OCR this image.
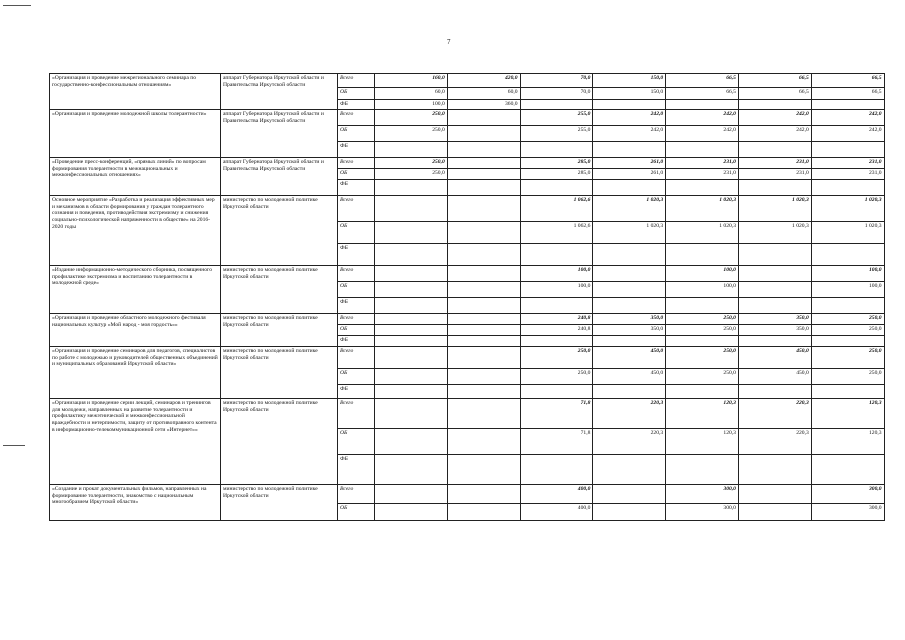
7
«Организация и проведение межрегионального семинара по государственно-конфессиональным отношениям»	аппарат Губернатора Иркутской области и Правительства Иркутской области	Всего	160,0	420,0	70,0	150,0	66,5	66,5	66,5
		ОБ	60,0	60,0	70,0	150,0	66,5	66,5	66,5
		ФБ	100,0	360,0					
«Организация и проведение молодежной школы толерантности»	аппарат Губернатора Иркутской области и Правительства Иркутской области	Всего	250,0		255,0	242,0	242,0	242,0	242,0
		ОБ	250,0		255,0	242,0	242,0	242,0	242,0
		ФБ							
«Проведение пресс-конференций, «прямых линий» по вопросам формирования толерантности в межнациональных и межконфессиональных отношениях»	аппарат Губернатора Иркутской области и Правительства Иркутской области	Всего	250,0		285,0	261,0	231,0	231,0	231,0
		ОБ	250,0		285,0	261,0	231,0	231,0	231,0
		ФБ							
Основное мероприятие «Разработка и реализация эффективных мер и механизмов в области формирования у граждан толерантного сознания и поведения, противодействия экстремизму и снижения социально-психологической напряженности в обществе» на 2016-2020 годы	министерство по молодежной политике Иркутской области	Всего			1 062,6	1 020,3	1 020,3	1 020,3	1 020,3
		ОБ			1 062,6	1 020,3	1 020,3	1 020,3	1 020,3
		ФБ							
«Издание информационно-методического сборника, посвященного профилактике экстремизма и воспитанию толерантности в молодежной среде»	министерство по молодежной политике Иркутской области	Всего			100,0		100,0		100,0
		ОБ			100,0		100,0		100,0
		ФБ							
«Организация и проведение областного молодежного фестиваля национальных культур «Мой народ - моя гордость»»	министерство по молодежной политике Иркутской области	Всего			240,8	350,0	250,0	350,0	250,0
		ОБ			240,8	350,0	250,0	350,0	250,0
		ФБ							
«Организация и проведение семинаров для педагогов, специалистов по работе с молодежью и руководителей общественных объединений и муниципальных образований Иркутской области»	министерство по молодежной политике Иркутской области	Всего			250,0	450,0	250,0	450,0	250,0
		ОБ			250,0	450,0	250,0	450,0	250,0
		ФБ							
«Организация и проведение серии лекций, семинаров и тренингов для молодежи, направленных на развитие толерантности и профилактику межэтнической и межконфессиональной враждебности и нетерпимости, защиту от противоправного контента в информационно-телекоммуникационной сети «Интернет»»	министерство по молодежной политике Иркутской области	Всего			71,8	220,3	120,3	220,3	120,3
		ОБ			71,8	220,3	120,3	220,3	120,3
		ФБ							
«Создание и прокат документальных фильмов, направленных на формирование толерантности, знакомство с национальным многообразием Иркутской области»	министерство по молодежной политике Иркутской области	Всего			400,0		300,0		300,0
		ОБ			400,0		300,0		300,0
